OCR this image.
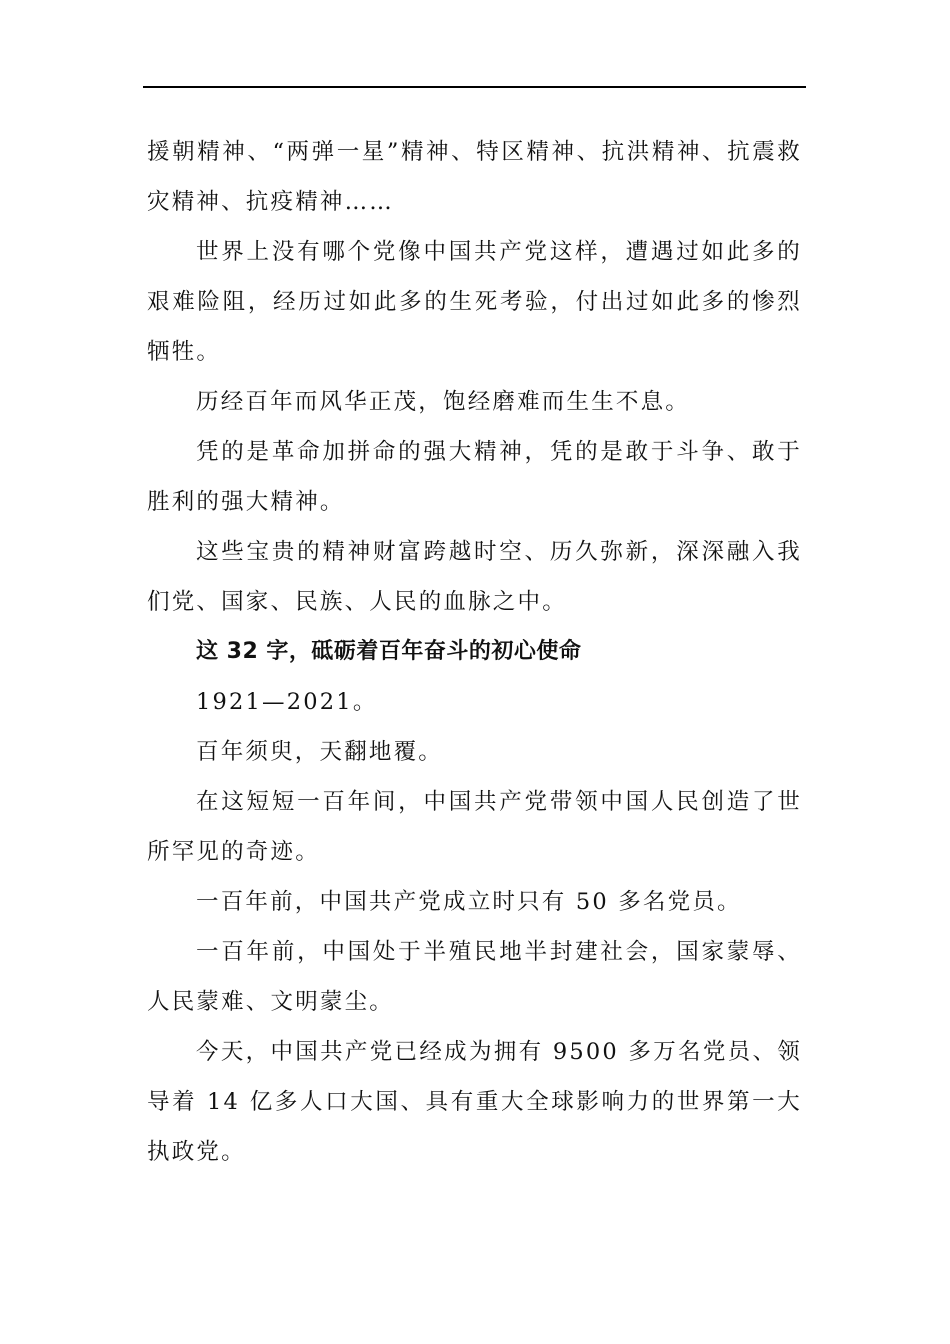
援朝精神、“两弹一星”精神、特区精神、抗洪精神、抗震救灾精神、抗疫精神……

世界上没有哪个党像中国共产党这样，遭遇过如此多的艰难险阻，经历过如此多的生死考验，付出过如此多的惨烈牺牲。

历经百年而风华正茂，饱经磨难而生生不息。

凭的是革命加拼命的强大精神，凭的是敢于斗争、敢于胜利的强大精神。

这些宝贵的精神财富跨越时空、历久弥新，深深融入我们党、国家、民族、人民的血脉之中。

这 32 字，砥砺着百年奋斗的初心使命

1921—2021。

百年须臾，天翻地覆。

在这短短一百年间，中国共产党带领中国人民创造了世所罕见的奇迹。

一百年前，中国共产党成立时只有 50 多名党员。

一百年前，中国处于半殖民地半封建社会，国家蒙辱、人民蒙难、文明蒙尘。

今天，中国共产党已经成为拥有 9500 多万名党员、领导着 14 亿多人口大国、具有重大全球影响力的世界第一大执政党。
